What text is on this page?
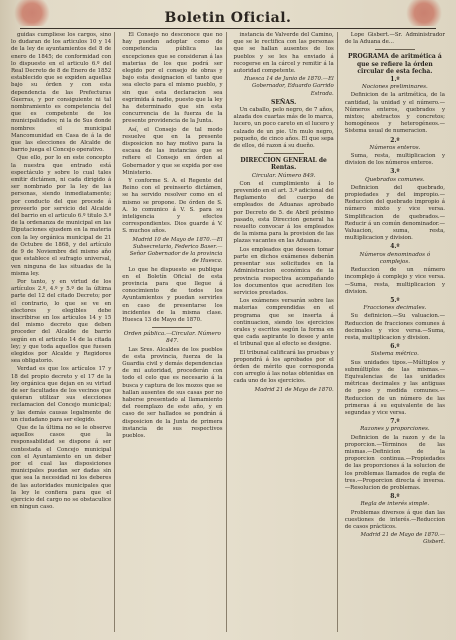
Boletin Oficial.

guidas cumpliese los cargos, sino lo dudaran de los articulos 10 y 14 de la ley de ayuntamientos del 8 de enero de 1845; de conformidad con lo dispuesto en el articulo 6.º del Real Decreto de 8 de Enero de 1852 establecido que se expiden aquellas bajo su órden y con esta dependencia de las Prefecturas Guerras, y por consiguiente ni tal nombramiento es competencia del que es competente de los municipalidades; ni la de Sus donde nombres el municipal Mancomunidad en Casa de á la de que las elecciones de Alcalde de barrio juega el Concejo operativo.

Que ello, por lo en este concepto la nuestra que entrado está espectáculo y sobre lo cual tales emitir dictámen, ni cada dirigido á ser nombrado por la ley de las personas, siendo inmediatamente; por conducto del que procede á proveerlo por servicio del Alcalde del barrio en el articulo 6.º titulo 3.º de la ordenanza de municipal en las Diputaciones ejusdem en la materia con la ley orgánica municipal de 21 de Octubre de 1868, y del artículo de 9 de Noviembre del mismo año que establece el sufragio universal, ven ninguna de las situadas de la misma ley.

Por tanto, y en virtud de los artículos 2.º, 4.º y 5.º de la última parte del 12 del citado Decreto; por el contrario, lo que se ve en electores y elegibles debe inscribirse en los artículos 14 y 15 del mismo decreto que deben proceder del Alcalde de barrio según en el articulo 14 de la citada ley; y que toda aquellos que fuesen elegidos por Alcalde y Regidores sea obligatorio.

Verdad es que los artículos 17 y 18 del propio decreto y el 17 de la ley orgánica que dejan en su virtud de ser facultades de los vecinos que quieran utilizar sus elecciones reclamacion del Concejo municipal; y las demás causas legalmente de un ciudadano para ser elegido.

Que de la última no se le observe aquellos casos que la responsabilidad se dispone á ser contestada el Concejo municipal con el Ayuntamiento en un deber por el cual las disposiciones municipales puedan ser dadas sin que sea la necesidad ni los deberes de las autoridades municipales que la ley le confiera para que el ejercicio del cargo no se obstaculice en ningun caso.

El Consejo no desconoce que no hay pueden adoptar como de competencia pública las excepciones que se consideran á las materias de los que podrá ser elegido por el consejo de obras y bajo esta designacion el tanto que sea electo para el mismo pueblo, y sin que esta declaracion sea esgrimida á nadie, puesto que la ley ha determinado que sin esta concurrencia de la fuerza de la presente providencia de la Junta.

Así, el Consejo de tal modo resuelve que en la presente disposicion no hay motivo para la escasa de las instancias que se refiere el Consejo en órden al Gobernador y que se expida por ese Ministerio.

Y conforme S. A. el Regente del Reino con el preinserto dictámen, se ha servido resolver como en el mismo se propone. De órden de S. A. lo comunico á V. S. para su inteligencia y efectos correspondientes. Dios guarde á V. S. muchos años.

Madrid 10 de Mayo de 1870.—El Subsecretario, Federico Baser.—Señor Gobernador de la provincia de Huesca.

Lo que he dispuesto se publique en el Boletín Oficial de esta provincia para que llegue á conocimiento de todos los Ayuntamientos y puedan servirles en caso de presentarse los incidentes de la misma clase. Huesca 13 de Mayo de 1870.

Orden pública.—Circular. Número 847.

Las Sres. Alcaldes de los pueblos de esta provincia, fuerza de la Guardia civil y demás dependencias de mi autoridad, procederán con todo el celo que es necesario á la busca y captura de los mozos que se hallan ausentes de sus casas por no haberse presentado al llamamiento del reemplazo de este año, y en caso de ser hallados se pondrán á disposicion de la Junta de primera instancia de sus respectivos pueblos.

instancia de Valverde del Camino, que se le rectifica con las personas que se hallan ausentes de los pueblos y se les ha enviado á recogerse en la cárcel y remitir á la autoridad competente.

Huesca 14 de Junio de 1870.—El Gobernador, Eduardo Garrido Estrada.

SEÑAS.

Un caballo, pelo negro, de 7 años, alzada dos cuartas más de lo marca, lucero, un poco careto en el lucero y calzado de un pie. Un mulo negro, pequeño, de cinco años. El que sepa de ellos, dé razon á su dueño.

DIRECCION GENERAL de Rentas.

Circular. Número 849.

Con el cumplimiento á lo prevenido en el art. 3.º adicional del Reglamento del cuerpo de empleados de Aduanas aprobado por Decreto de 5. de Abril próximo pasado, esta Direccion general ha resuelto convocar á los empleados de la misma para la provision de las plazas vacantes en las Aduanas.

Los empleados que deseen tomar parte en dichos exámenes deberán presentar sus solicitudes en la Administracion económica de la provincia respectiva acompañando los documentos que acrediten los servicios prestados.

Los exámenes versarán sobre las materias comprendidas en el programa que se inserta á continuacion, siendo los ejercicios orales y escritos según la forma en que cada aspirante lo desee y ante el tribunal que al efecto se designe.

El tribunal calificará las pruebas y propondrá á los aprobados por el órden de mérito que corresponda con arreglo á las notas obtenidas en cada uno de los ejercicios.

Madrid 21 de Mayo de 1870.

Lope Gisbert.—Sr. Administrador de la Aduana de...

PROGRAMA de aritmética á que se refiere la órden circular de esta fecha.

1.º

Nociones preliminares.

Definicion de la aritmética, de la cantidad, la unidad y el número.—Números enteros, quebrados y mixtos; abstractos y concretos; homogéneos y heterogéneos.—Sistema usual de numeracion.

2.º

Números enteros.

Suma, resta, multiplicacion y division de los números enteros.

3.º

Quebrados comunes.

Definicion del quebrado, propiedades y del impropio.—Reduccion del quebrado impropio á número mixto y vice versa. Simplificacion de quebrados.—Reducir á un común denominador.—Valuacion, suma, resta, multiplicacion y division.

4.º

Números denominados ó complejos.

Reduccion de un número incomplejo á complejo y vice versa.—Suma, resta, multiplicacion y division.

5.º

Fracciones decimales.

Su definicion.—Su valuacion.—Reduccion de fracciones comunes á decimales y vice versa.—Suma, resta, multiplicacion y division.

6.º

Sistema métrico.

Sus unidades tipos.—Múltiplos y submúltiplos de las mismas.—Equivalencias de las unidades métricas decimales y las antiguas de peso y medida comunes.—Reduccion de un número de las primeras á su equivalente de las segundas y vice versa.

7.º

Razones y proporciones.

Definicion de la razon y de la proporcion.—Términos de las mismas.—Definicion de la proporcion continua.—Propiedades de las proporciones á la solucion de los problemas llamados de regla de tres.—Proporcion directa é inversa.—Resolucion de problemas.

8.º

Regla de interés simple.

Problemas diversos á que dan las cuestiones de interés.—Reduccion de casos prácticos.

Madrid 21 de Mayo de 1870.—Gisbert.
